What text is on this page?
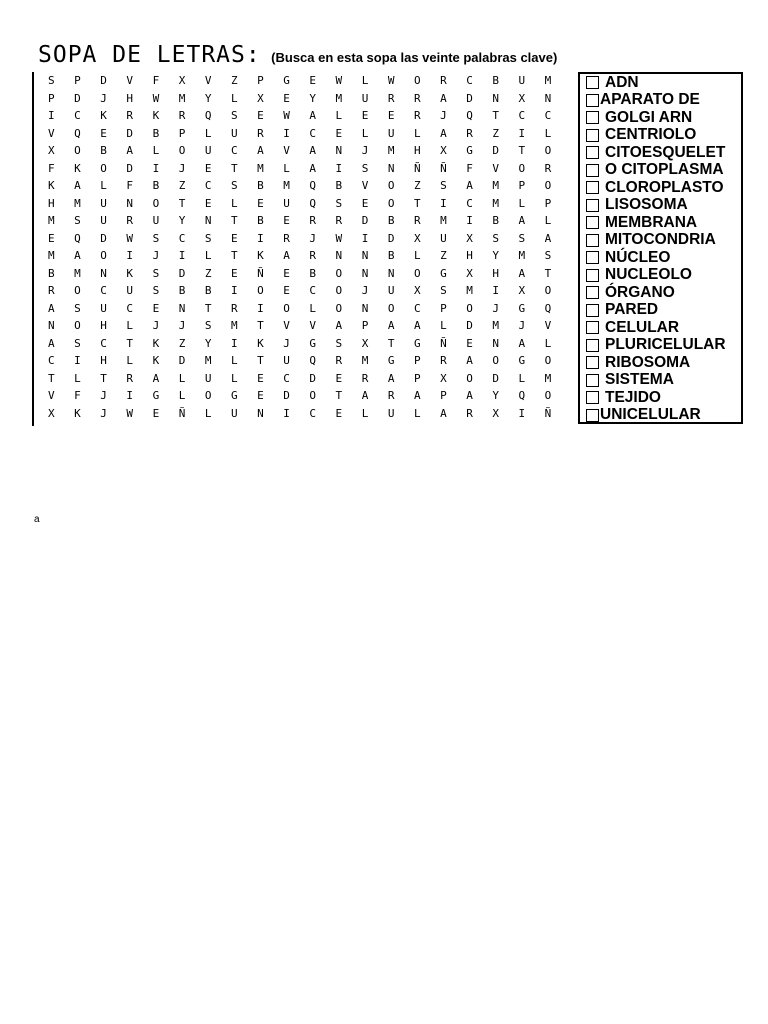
SOPA DE LETRAS: (Busca en esta sopa las veinte palabras clave)
S	P	D	V	F	X	V	Z	P	G	E	W	L	W	O	R	C	B	U	M
P	D	J	H	W	M	Y	L	X	E	Y	M	U	R	R	A	D	N	X	N
I	C	K	R	K	R	Q	S	E	W	A	L	E	E	R	J	Q	T	C	C
V	Q	E	D	B	P	L	U	R	I	C	E	L	U	L	A	R	Z	I	L
X	O	B	A	L	O	U	C	A	V	A	N	J	M	H	X	G	D	T	O
F	K	O	D	I	J	E	T	M	L	A	I	S	N	Ñ	Ñ	F	V	O	R
K	A	L	F	B	Z	C	S	B	M	Q	B	V	O	Z	S	A	M	P	O
H	M	U	N	O	T	E	L	E	U	Q	S	E	O	T	I	C	M	L	P
M	S	U	R	U	Y	N	T	B	E	R	R	D	B	R	M	I	B	A	L
E	Q	D	W	S	C	S	E	I	R	J	W	I	D	X	U	X	S	S	A
M	A	O	I	J	I	L	T	K	A	R	N	N	B	L	Z	H	Y	M	S
B	M	N	K	S	D	Z	E	Ñ	E	B	O	N	N	O	G	X	H	A	T
R	O	C	U	S	B	B	I	O	E	C	O	J	U	X	S	M	I	X	O
A	S	U	C	E	N	T	R	I	O	L	O	N	O	C	P	O	J	G	Q
N	O	H	L	J	J	S	M	T	V	V	A	P	A	A	L	D	M	J	V
A	S	C	T	K	Z	Y	I	K	J	G	S	X	T	G	Ñ	E	N	A	L
C	I	H	L	K	D	M	L	T	U	Q	R	M	G	P	R	A	O	G	O
T	L	T	R	A	L	U	L	E	C	D	E	R	A	P	X	O	D	L	M
V	F	J	I	G	L	O	G	E	D	O	T	A	R	A	P	A	Y	Q	O
X	K	J	W	E	Ñ	L	U	N	I	C	E	L	U	L	A	R	X	I	Ñ
ADN
APARATO DE
GOLGI ARN
CENTRIOLO
CITOESQUELET
O CITOPLASMA
CLOROPLASTO
LISOSOMA
MEMBRANA
MITOCONDRIA
NÚCLEO
NUCLEOLO
ÓRGANO
PARED
CELULAR
PLURICELULAR
RIBOSOMA
SISTEMA
TEJIDO
UNICELULAR
a
